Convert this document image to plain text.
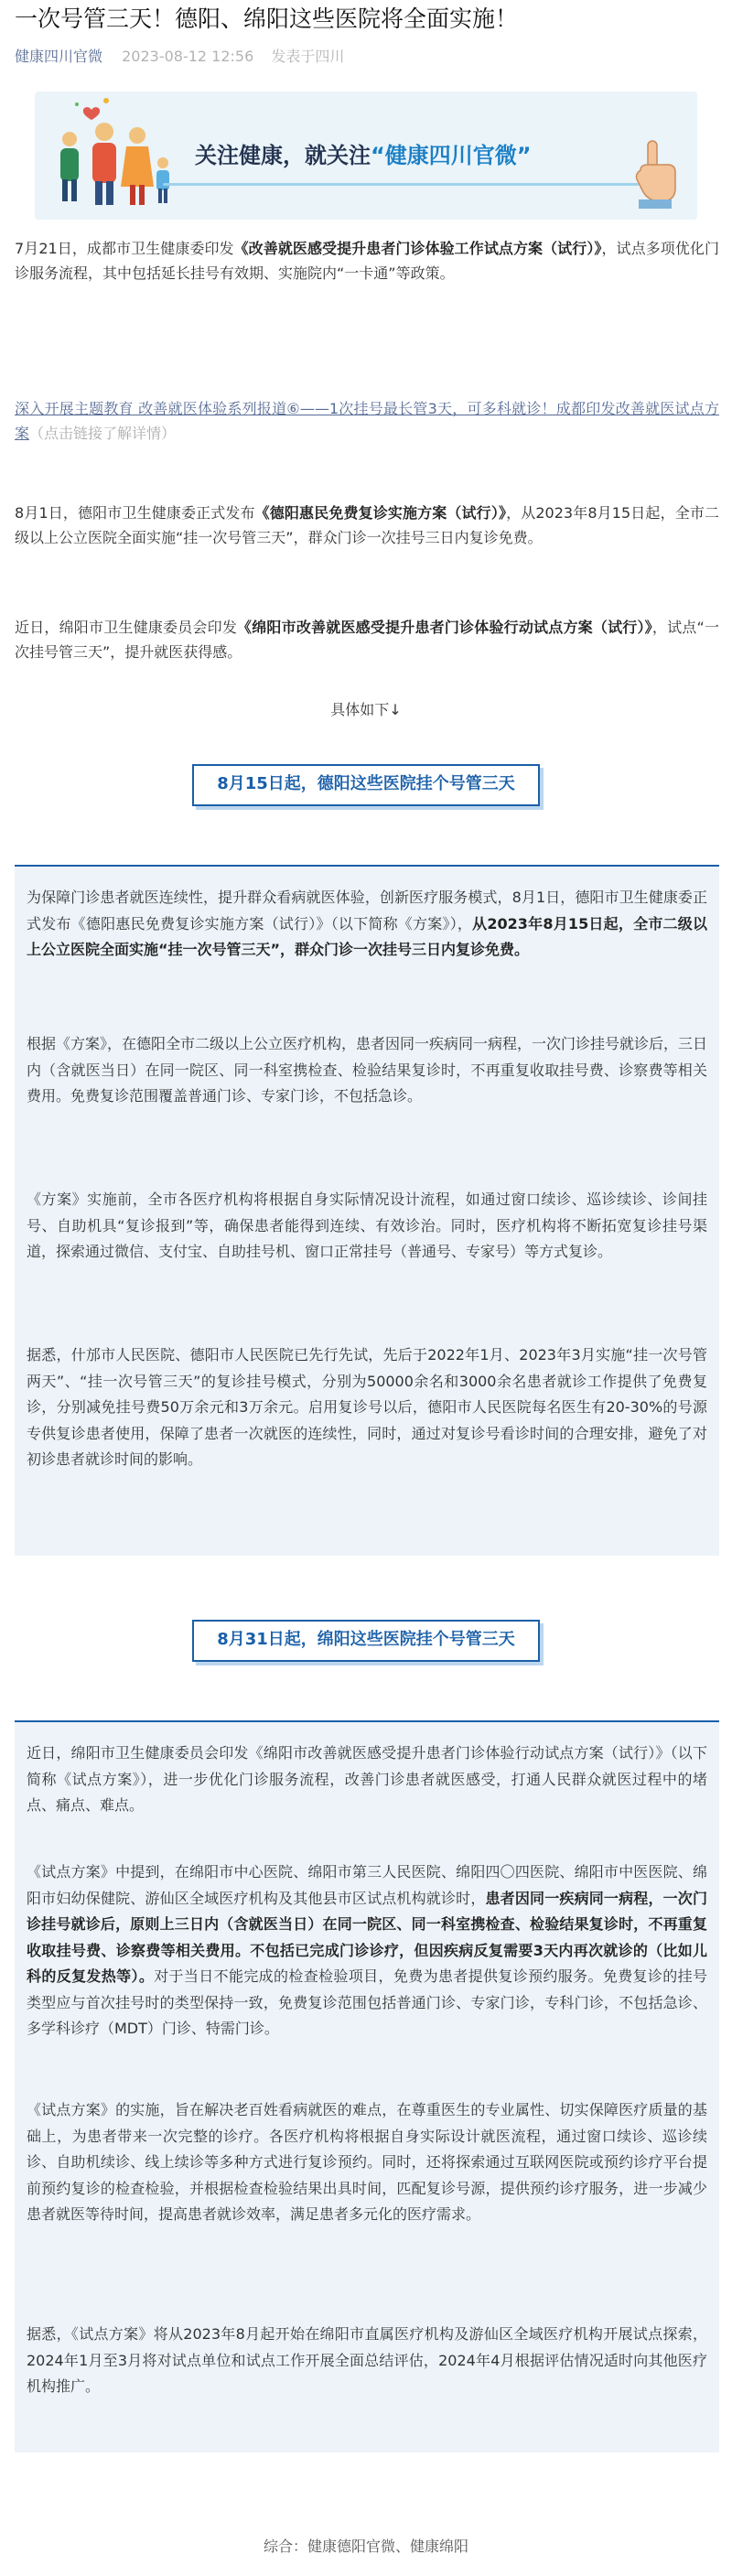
一次号管三天！德阳、绵阳这些医院将全面实施！
健康四川官微 2023-08-12 12:56 发表于四川
关注健康，就关注“健康四川官微”
7月21日，成都市卫生健康委印发《改善就医感受提升患者门诊体验工作试点方案（试行）》，试点多项优化门诊服务流程，其中包括延长挂号有效期、实施院内“一卡通”等政策。
深入开展主题教育 改善就医体验系列报道⑥——1次挂号最长管3天，可多科就诊！成都印发改善就医试点方案（点击链接了解详情）
8月1日，德阳市卫生健康委正式发布《德阳惠民免费复诊实施方案（试行）》，从2023年8月15日起，全市二级以上公立医院全面实施“挂一次号管三天”，群众门诊一次挂号三日内复诊免费。
近日，绵阳市卫生健康委员会印发《绵阳市改善就医感受提升患者门诊体验行动试点方案（试行）》，试点“一次挂号管三天”，提升就医获得感。
具体如下↓
8月15日起，德阳这些医院挂个号管三天
为保障门诊患者就医连续性，提升群众看病就医体验，创新医疗服务模式，8月1日，德阳市卫生健康委正式发布《德阳惠民免费复诊实施方案（试行）》（以下简称《方案》），从2023年8月15日起，全市二级以上公立医院全面实施“挂一次号管三天”，群众门诊一次挂号三日内复诊免费。
根据《方案》，在德阳全市二级以上公立医疗机构，患者因同一疾病同一病程，一次门诊挂号就诊后，三日内（含就医当日）在同一院区、同一科室携检查、检验结果复诊时，不再重复收取挂号费、诊察费等相关费用。免费复诊范围覆盖普通门诊、专家门诊，不包括急诊。
《方案》实施前，全市各医疗机构将根据自身实际情况设计流程，如通过窗口续诊、巡诊续诊、诊间挂号、自助机具“复诊报到”等，确保患者能得到连续、有效诊治。同时，医疗机构将不断拓宽复诊挂号渠道，探索通过微信、支付宝、自助挂号机、窗口正常挂号（普通号、专家号）等方式复诊。
据悉，什邡市人民医院、德阳市人民医院已先行先试，先后于2022年1月、2023年3月实施“挂一次号管两天”、“挂一次号管三天”的复诊挂号模式，分别为50000余名和3000余名患者就诊工作提供了免费复诊，分别减免挂号费50万余元和3万余元。启用复诊号以后，德阳市人民医院每名医生有20-30%的号源专供复诊患者使用，保障了患者一次就医的连续性，同时，通过对复诊号看诊时间的合理安排，避免了对初诊患者就诊时间的影响。
8月31日起，绵阳这些医院挂个号管三天
近日，绵阳市卫生健康委员会印发《绵阳市改善就医感受提升患者门诊体验行动试点方案（试行）》（以下简称《试点方案》），进一步优化门诊服务流程，改善门诊患者就医感受，打通人民群众就医过程中的堵点、痛点、难点。
《试点方案》中提到，在绵阳市中心医院、绵阳市第三人民医院、绵阳四〇四医院、绵阳市中医医院、绵阳市妇幼保健院、游仙区全域医疗机构及其他县市区试点机构就诊时，患者因同一疾病同一病程，一次门诊挂号就诊后，原则上三日内（含就医当日）在同一院区、同一科室携检查、检验结果复诊时，不再重复收取挂号费、诊察费等相关费用。不包括已完成门诊诊疗，但因疾病反复需要3天内再次就诊的（比如儿科的反复发热等）。对于当日不能完成的检查检验项目，免费为患者提供复诊预约服务。免费复诊的挂号类型应与首次挂号时的类型保持一致，免费复诊范围包括普通门诊、专家门诊，专科门诊，不包括急诊、多学科诊疗（MDT）门诊、特需门诊。
《试点方案》的实施，旨在解决老百姓看病就医的难点，在尊重医生的专业属性、切实保障医疗质量的基础上，为患者带来一次完整的诊疗。各医疗机构将根据自身实际设计就医流程，通过窗口续诊、巡诊续诊、自助机续诊、线上续诊等多种方式进行复诊预约。同时，还将探索通过互联网医院或预约诊疗平台提前预约复诊的检查检验，并根据检查检验结果出具时间，匹配复诊号源，提供预约诊疗服务，进一步减少患者就医等待时间，提高患者就诊效率，满足患者多元化的医疗需求。
据悉，《试点方案》将从2023年8月起开始在绵阳市直属医疗机构及游仙区全域医疗机构开展试点探索，2024年1月至3月将对试点单位和试点工作开展全面总结评估，2024年4月根据评估情况适时向其他医疗机构推广。
综合：健康德阳官微、健康绵阳
